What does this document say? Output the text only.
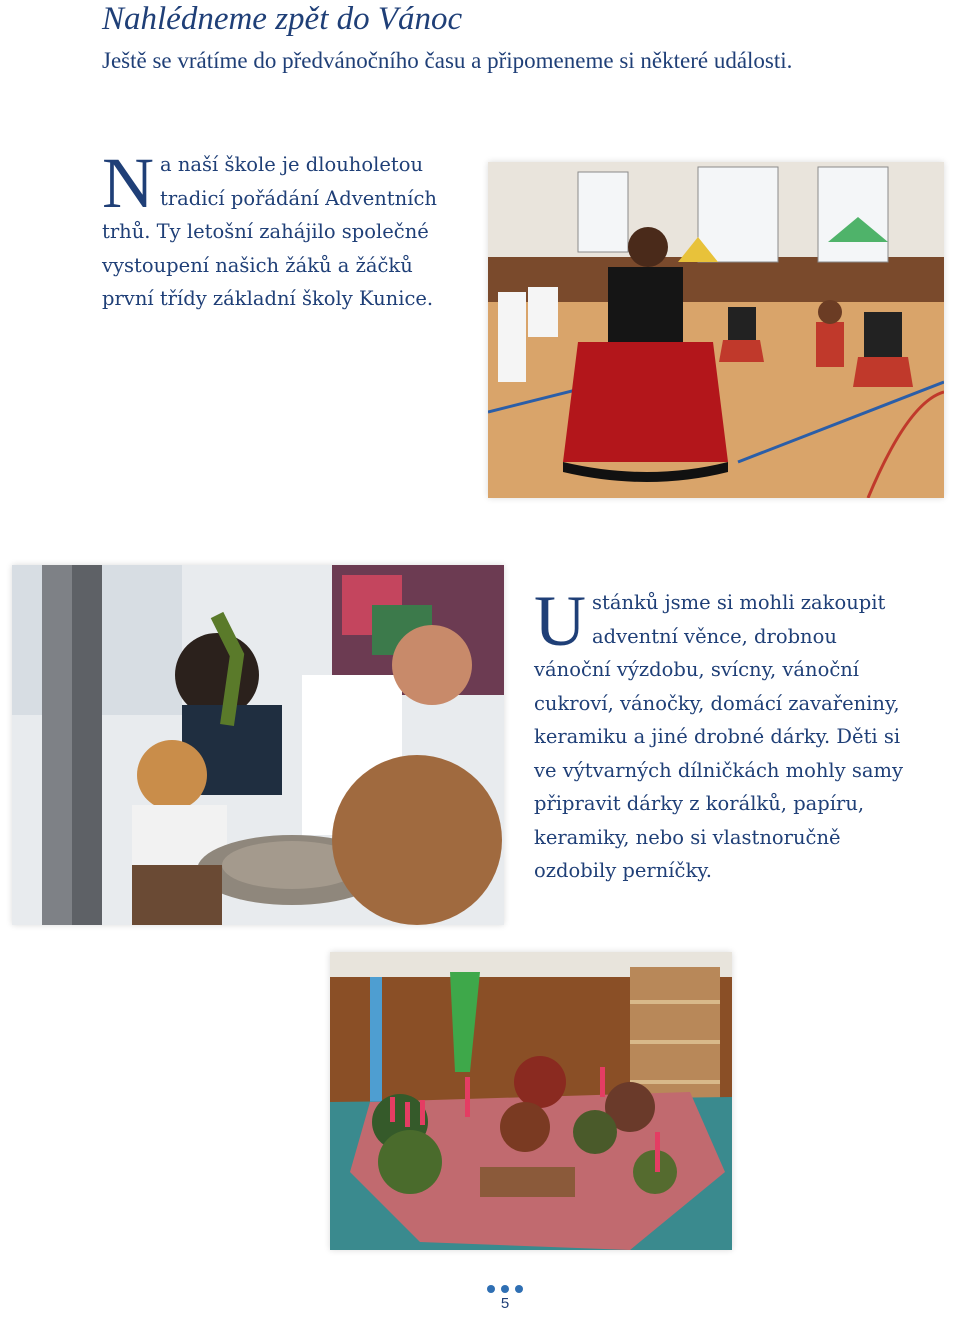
Nahlédneme zpět do Vánoc
Ještě se vrátíme do předvánočního času a připomeneme si některé události.
N a naší škole je dlouholetou tradicí pořádání Adventních trhů. Ty letošní zahájilo společné vystoupení našich žáků a žáčků první třídy základní školy Kunice.
U stánků jsme si mohli zakoupit adventní věnce, drobnou vánoční výzdobu, svícny, vánoční cukroví, vánočky, domácí zavařeniny, keramiku a jiné drobné dárky. Děti si ve výtvarných dílničkách mohly samy připravit dárky z korálků, papíru, keramiky, nebo si vlastnoručně ozdobily perníčky.
5
